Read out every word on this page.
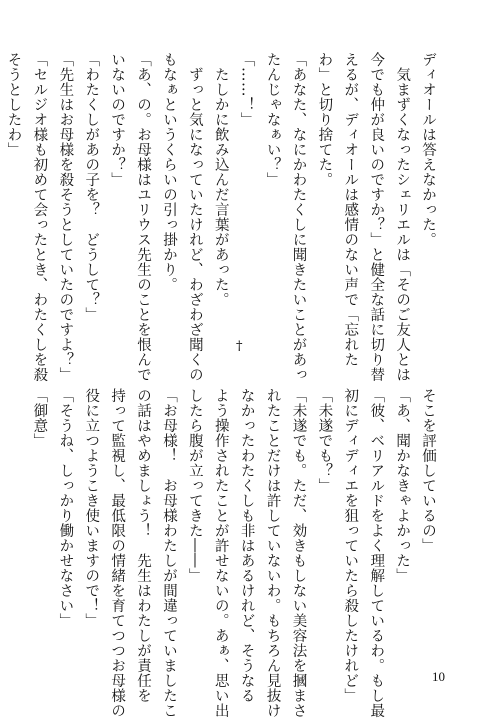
ディオールは答えなかった。
　気まずくなったシェリエルは「そのご友人とは
今でも仲が良いのですか？」と健全な話に切り替
えるが、ディオールは感情のない声で「忘れた
わ」と切り捨てた。
「あなた、なにかわたくしに聞きたいことがあっ
たんじゃなぁい？」
「……！」
　たしかに飲み込んだ言葉があった。
　ずっと気になっていたけれど、わざわざ聞くの
もなぁというくらいの引っ掛かり。
「あ、の。お母様はユリウス先生のことを恨んで
いないのですか？」
「わたくしがあの子を？　どうして？」
「先生はお母様を殺そうとしていたのですよ？」
「セルジオ様も初めて会ったとき、わたくしを殺
そうとしたわ」

†
そこを評価しているの」
「あ、聞かなきゃよかった」
「彼、ベリアルドをよく理解しているわ。もし最
初にディディエを狙っていたら殺したけれど」
「未遂でも？」
「未遂でも。ただ、効きもしない美容法を摑まさ
れたことだけは許していないわ。もちろん見抜け
なかったわたくしも非はあるけれど、そうなる
よう操作されたことが許せないの。あぁ、思い出
したら腹が立ってきた――」
「お母様！　お母様わたしが間違っていましたこ
の話はやめましょう！　先生はわたしが責任を
持って監視し、最低限の情緒を育てつつお母様の
役に立つようこき使いますので！」
「そうね、しっかり働かせなさい」
「御意」
10
